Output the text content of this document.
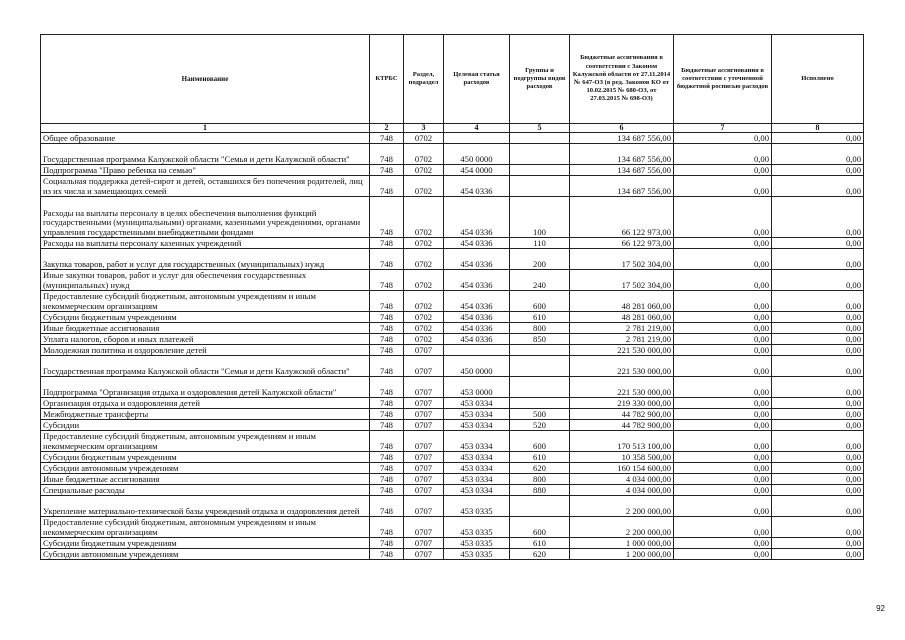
Наименование	КТРБС	Раздел, подраздел	Целевая статья расходов	Группы и подгруппы видов расходов	Бюджетные ассигнования в соответствии с Законом Калужской области от 27.11.2014 № 647-ОЗ (в ред. Законов КО от 10.02.2015 № 680-ОЗ, от 27.03.2015 № 698-ОЗ)	Бюджетные ассигнования в соответствии с уточненной бюджетной росписью расходов	Исполнено
1	2	3	4	5	6	7	8
Общее образование	748	0702			134 687 556,00	0,00	0,00
Государственная программа Калужской области "Семья и дети Калужской области"	748	0702	450 0000		134 687 556,00	0,00	0,00
Подпрограмма "Право ребенка на семью"	748	0702	454 0000		134 687 556,00	0,00	0,00
Социальная поддержка детей-сирот и детей, оставшихся без попечения родителей, лиц из их числа и замещающих семей	748	0702	454 0336		134 687 556,00	0,00	0,00
Расходы на выплаты персоналу в целях обеспечения выполнения функций государственными (муниципальными) органами, казенными учреждениями, органами управления государственными внебюджетными фондами	748	0702	454 0336	100	66 122 973,00	0,00	0,00
Расходы на выплаты персоналу казенных учреждений	748	0702	454 0336	110	66 122 973,00	0,00	0,00
Закупка товаров, работ и услуг для государственных (муниципальных) нужд	748	0702	454 0336	200	17 502 304,00	0,00	0,00
Иные закупки товаров, работ и услуг для обеспечения государственных (муниципальных) нужд	748	0702	454 0336	240	17 502 304,00	0,00	0,00
Предоставление субсидий бюджетным, автономным учреждениям и иным некоммерческим организациям	748	0702	454 0336	600	48 281 060,00	0,00	0,00
Субсидии бюджетным учреждениям	748	0702	454 0336	610	48 281 060,00	0,00	0,00
Иные бюджетные ассигнования	748	0702	454 0336	800	2 781 219,00	0,00	0,00
Уплата налогов, сборов и иных платежей	748	0702	454 0336	850	2 781 219,00	0,00	0,00
Молодежная политика и оздоровление детей	748	0707			221 530 000,00	0,00	0,00
Государственная программа Калужской области "Семья и дети Калужской области"	748	0707	450 0000		221 530 000,00	0,00	0,00
Подпрограмма "Организация отдыха и оздоровления детей Калужской области"	748	0707	453 0000		221 530 000,00	0,00	0,00
Организация отдыха и оздоровления детей	748	0707	453 0334		219 330 000,00	0,00	0,00
Межбюджетные трансферты	748	0707	453 0334	500	44 782 900,00	0,00	0,00
Субсидии	748	0707	453 0334	520	44 782 900,00	0,00	0,00
Предоставление субсидий бюджетным, автономным учреждениям и иным некоммерческим организациям	748	0707	453 0334	600	170 513 100,00	0,00	0,00
Субсидии бюджетным учреждениям	748	0707	453 0334	610	10 358 500,00	0,00	0,00
Субсидии автономным учреждениям	748	0707	453 0334	620	160 154 600,00	0,00	0,00
Иные бюджетные ассигнования	748	0707	453 0334	800	4 034 000,00	0,00	0,00
Специальные расходы	748	0707	453 0334	880	4 034 000,00	0,00	0,00
Укрепление материально-технической базы учреждений отдыха и оздоровления детей	748	0707	453 0335		2 200 000,00	0,00	0,00
Предоставление субсидий бюджетным, автономным учреждениям и иным некоммерческим организациям	748	0707	453 0335	600	2 200 000,00	0,00	0,00
Субсидии бюджетным учреждениям	748	0707	453 0335	610	1 000 000,00	0,00	0,00
Субсидии автономным учреждениям	748	0707	453 0335	620	1 200 000,00	0,00	0,00
92
